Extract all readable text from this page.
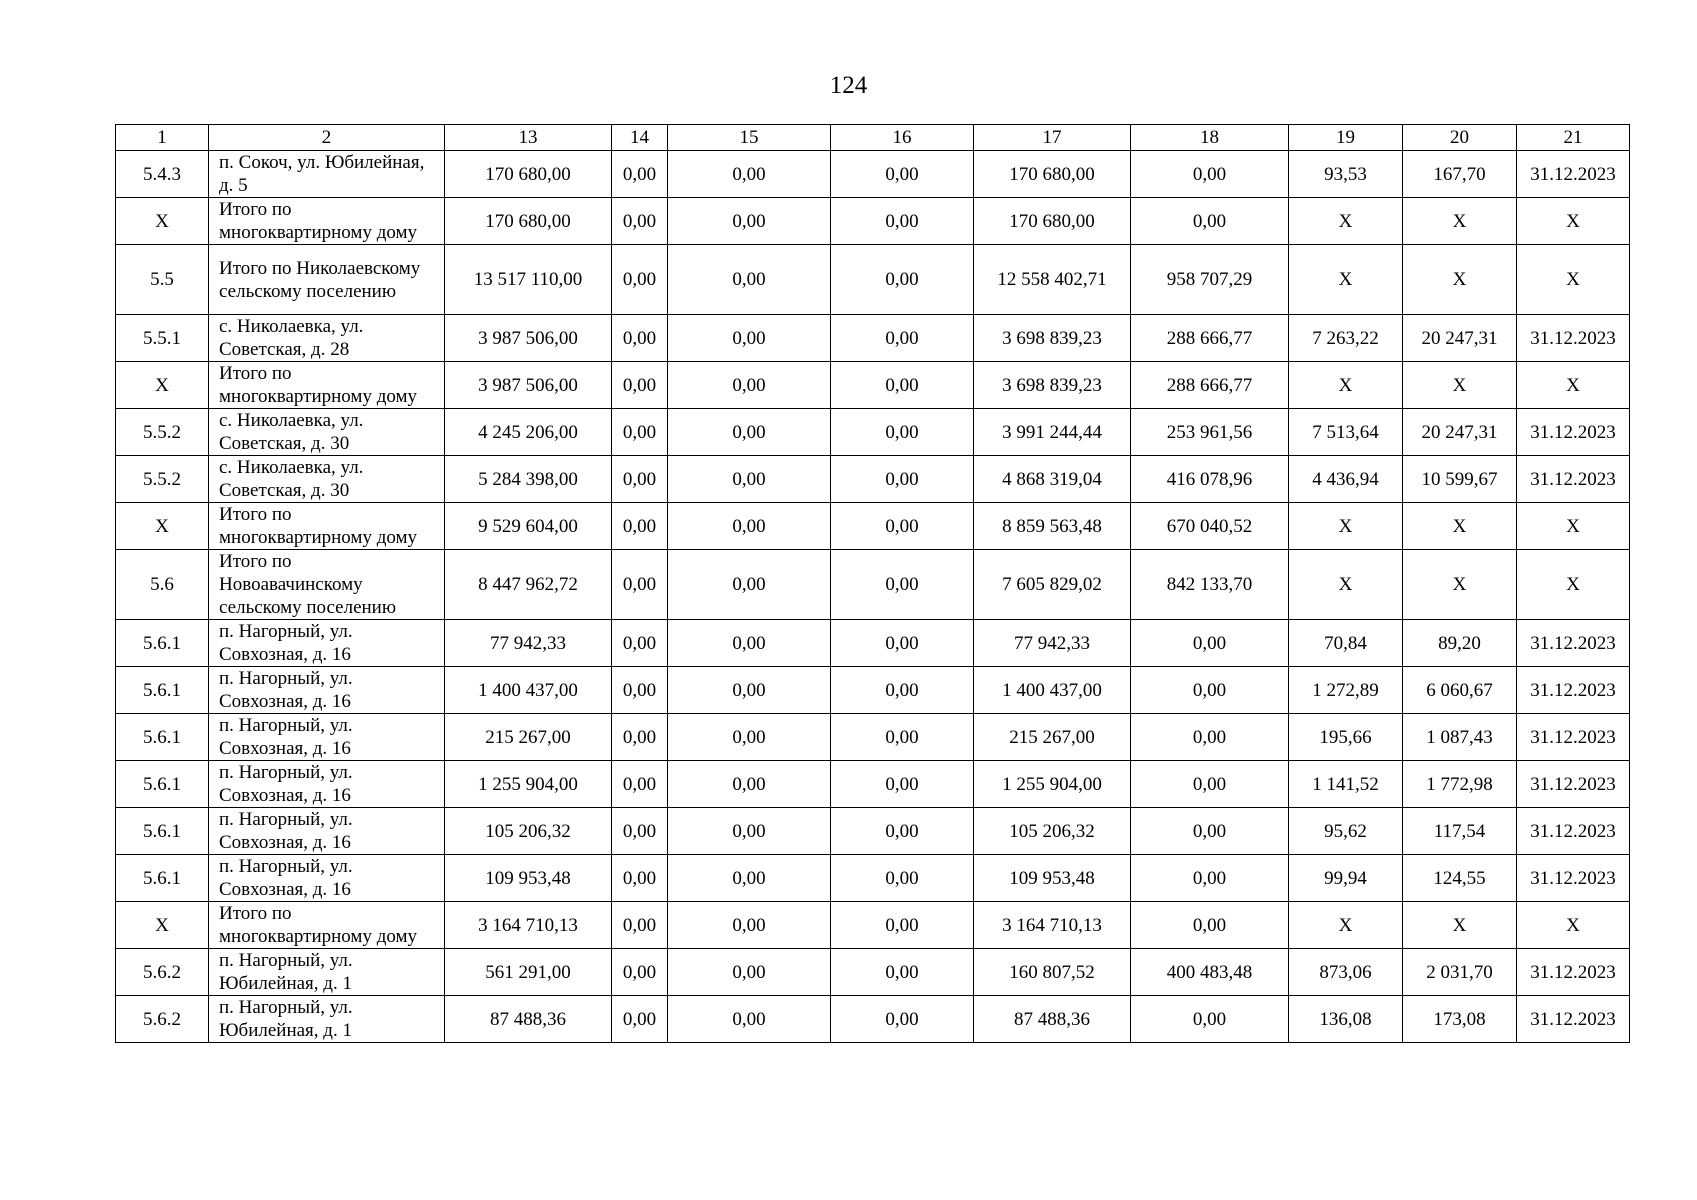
124
1	2	13	14	15	16	17	18	19	20	21
5.4.3	п. Сокоч, ул. Юбилейная, д. 5	170 680,00	0,00	0,00	0,00	170 680,00	0,00	93,53	167,70	31.12.2023
Х	Итого по многоквартирному дому	170 680,00	0,00	0,00	0,00	170 680,00	0,00	Х	Х	Х
5.5	Итого по Николаевскому сельскому поселению	13 517 110,00	0,00	0,00	0,00	12 558 402,71	958 707,29	Х	Х	Х
5.5.1	с. Николаевка, ул. Советская, д. 28	3 987 506,00	0,00	0,00	0,00	3 698 839,23	288 666,77	7 263,22	20 247,31	31.12.2023
Х	Итого по многоквартирному дому	3 987 506,00	0,00	0,00	0,00	3 698 839,23	288 666,77	Х	Х	Х
5.5.2	с. Николаевка, ул. Советская, д. 30	4 245 206,00	0,00	0,00	0,00	3 991 244,44	253 961,56	7 513,64	20 247,31	31.12.2023
5.5.2	с. Николаевка, ул. Советская, д. 30	5 284 398,00	0,00	0,00	0,00	4 868 319,04	416 078,96	4 436,94	10 599,67	31.12.2023
Х	Итого по многоквартирному дому	9 529 604,00	0,00	0,00	0,00	8 859 563,48	670 040,52	Х	Х	Х
5.6	Итого по Новоавачинскому сельскому поселению	8 447 962,72	0,00	0,00	0,00	7 605 829,02	842 133,70	Х	Х	Х
5.6.1	п. Нагорный, ул. Совхозная, д. 16	77 942,33	0,00	0,00	0,00	77 942,33	0,00	70,84	89,20	31.12.2023
5.6.1	п. Нагорный, ул. Совхозная, д. 16	1 400 437,00	0,00	0,00	0,00	1 400 437,00	0,00	1 272,89	6 060,67	31.12.2023
5.6.1	п. Нагорный, ул. Совхозная, д. 16	215 267,00	0,00	0,00	0,00	215 267,00	0,00	195,66	1 087,43	31.12.2023
5.6.1	п. Нагорный, ул. Совхозная, д. 16	1 255 904,00	0,00	0,00	0,00	1 255 904,00	0,00	1 141,52	1 772,98	31.12.2023
5.6.1	п. Нагорный, ул. Совхозная, д. 16	105 206,32	0,00	0,00	0,00	105 206,32	0,00	95,62	117,54	31.12.2023
5.6.1	п. Нагорный, ул. Совхозная, д. 16	109 953,48	0,00	0,00	0,00	109 953,48	0,00	99,94	124,55	31.12.2023
Х	Итого по многоквартирному дому	3 164 710,13	0,00	0,00	0,00	3 164 710,13	0,00	Х	Х	Х
5.6.2	п. Нагорный, ул. Юбилейная, д. 1	561 291,00	0,00	0,00	0,00	160 807,52	400 483,48	873,06	2 031,70	31.12.2023
5.6.2	п. Нагорный, ул. Юбилейная, д. 1	87 488,36	0,00	0,00	0,00	87 488,36	0,00	136,08	173,08	31.12.2023
